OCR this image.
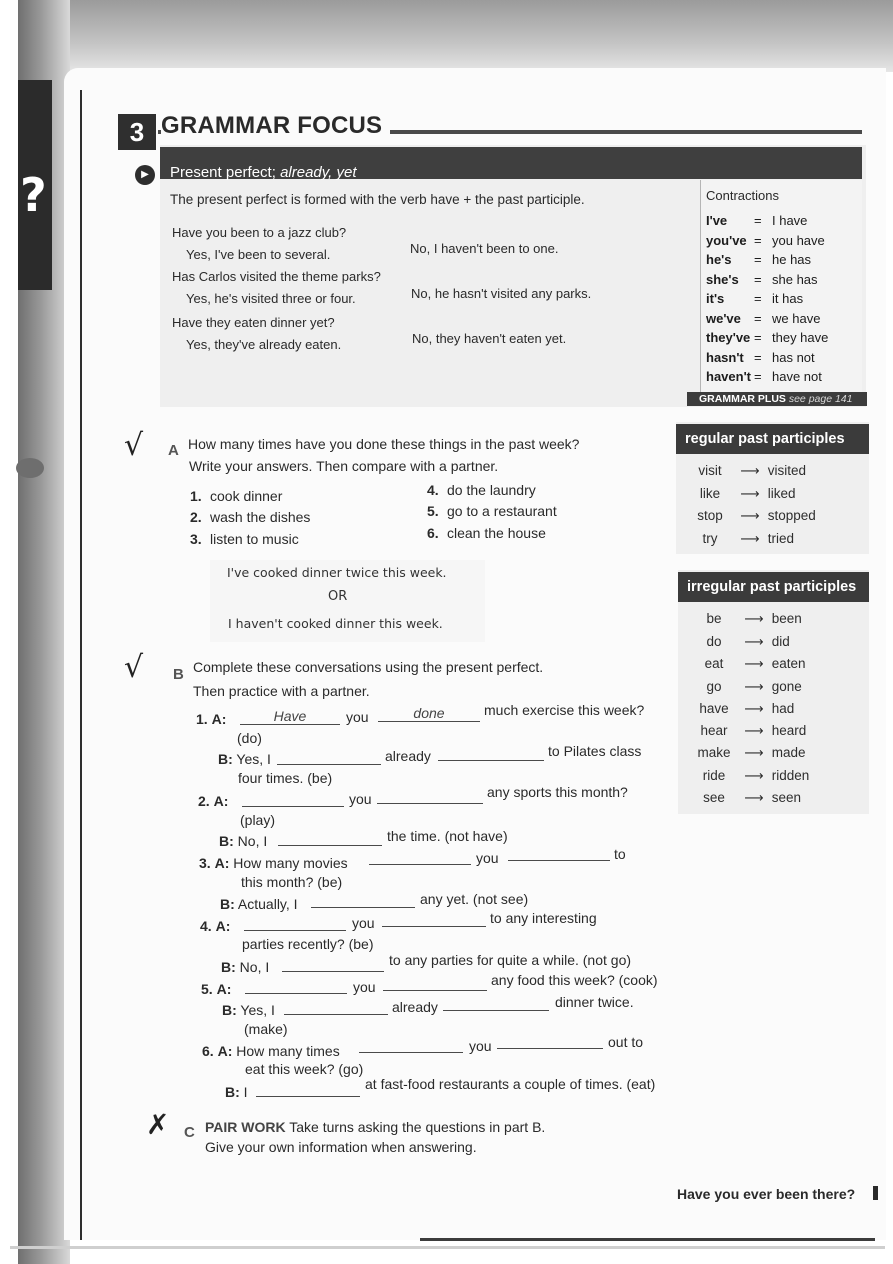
?
3 GRAMMAR FOCUS
▶	Present perfect; already, yet
The present perfect is formed with the verb have + the past participle.
Have you been to a jazz club?
Yes, I've been to several.	No, I haven't been to one.
Has Carlos visited the theme parks?
Yes, he's visited three or four.	No, he hasn't visited any parks.
Have they eaten dinner yet?
Yes, they've already eaten.	No, they haven't eaten yet.
Contractions
I've = I have
you've = you have
he's = he has
she's = she has
it's = it has
we've = we have
they've = they have
hasn't = has not
haven't = have not
GRAMMAR PLUS see page 141
√ A How many times have you done these things in the past week?
Write your answers. Then compare with a partner.
1. cook dinner
2. wash the dishes
3. listen to music
4. do the laundry
5. go to a restaurant
6. clean the house
I've cooked dinner twice this week.
OR
I haven't cooked dinner this week.
√ B Complete these conversations using the present perfect.
Then practice with a partner.
1. A:	Have	you	done	much exercise this week?
(do)
B: Yes, I	already	to Pilates class
four times. (be)
2. A:	you	any sports this month?
(play)
B: No, I	the time. (not have)
3. A: How many movies	you	to
this month? (be)
B: Actually, I	any yet. (not see)
4. A:	you	to any interesting
parties recently? (be)
B: No, I	to any parties for quite a while. (not go)
5. A:	you	any food this week? (cook)
B: Yes, I	already	dinner twice.
(make)
6. A: How many times	you	out to
eat this week? (go)
B: I	at fast-food restaurants a couple of times. (eat)
✗ C PAIR WORK Take turns asking the questions in part B.
Give your own information when answering.
regular past participles
visit ⟶ visited
like ⟶ liked
stop ⟶ stopped
try ⟶ tried
irregular past participles
be ⟶ been
do ⟶ did
eat ⟶ eaten
go ⟶ gone
have ⟶ had
hear ⟶ heard
make ⟶ made
ride ⟶ ridden
see ⟶ seen
Have you ever been there?
